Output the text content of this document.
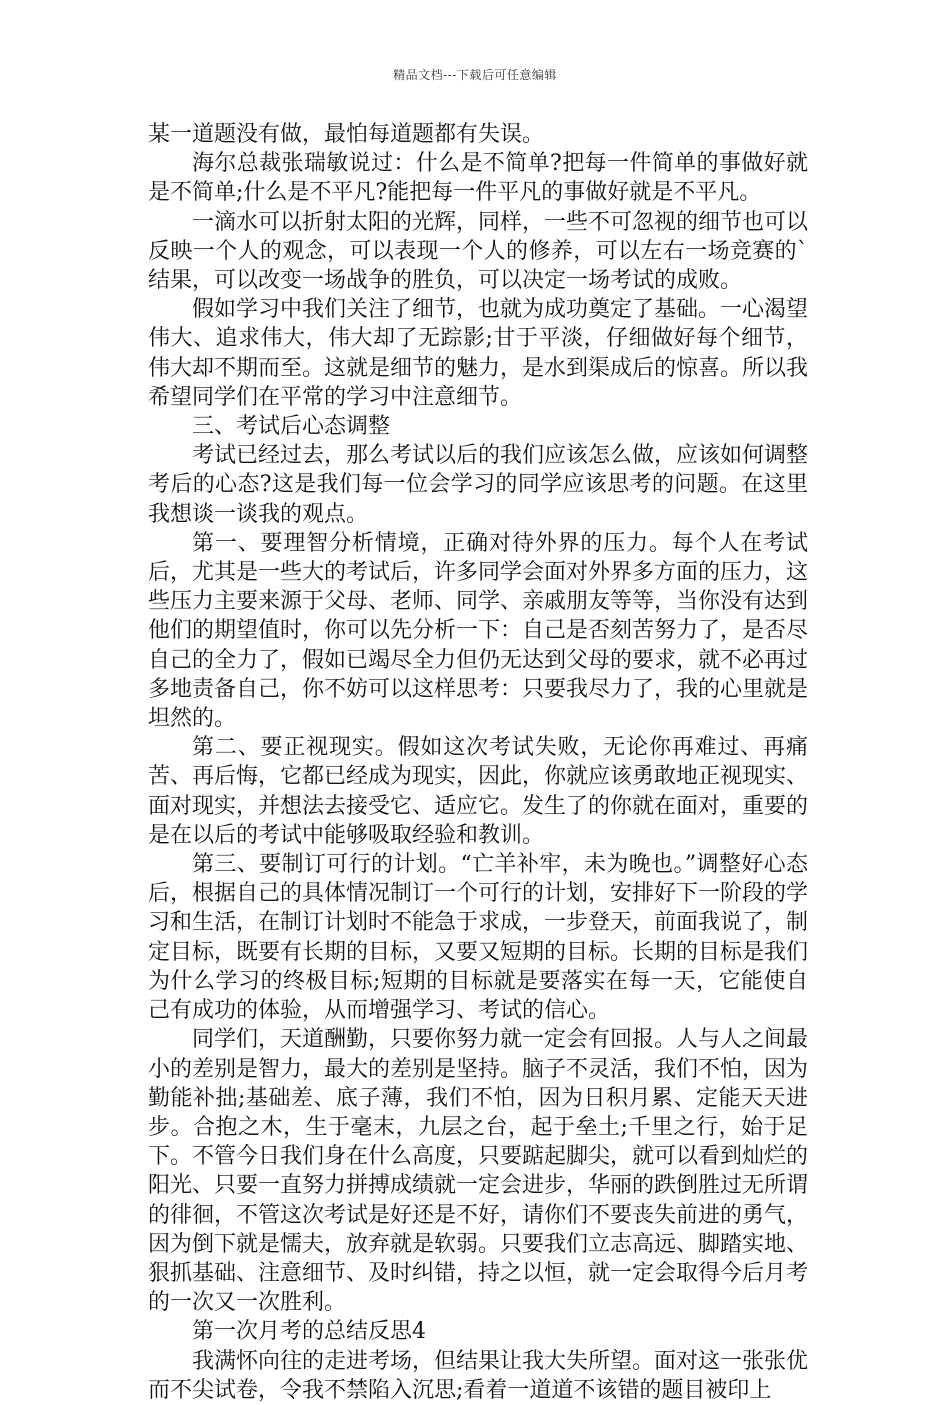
精品文档---下载后可任意编辑

某一道题没有做，最怕每道题都有失误。

海尔总裁张瑞敏说过：什么是不简单?把每一件简单的事做好就是不简单;什么是不平凡?能把每一件平凡的事做好就是不平凡。

一滴水可以折射太阳的光辉，同样，一些不可忽视的细节也可以反映一个人的观念，可以表现一个人的修养，可以左右一场竞赛的`结果，可以改变一场战争的胜负，可以决定一场考试的成败。

假如学习中我们关注了细节，也就为成功奠定了基础。一心渴望伟大、追求伟大，伟大却了无踪影;甘于平淡，仔细做好每个细节，伟大却不期而至。这就是细节的魅力，是水到渠成后的惊喜。所以我希望同学们在平常的学习中注意细节。

三、考试后心态调整

考试已经过去，那么考试以后的我们应该怎么做，应该如何调整考后的心态?这是我们每一位会学习的同学应该思考的问题。在这里我想谈一谈我的观点。

第一、要理智分析情境，正确对待外界的压力。每个人在考试后，尤其是一些大的考试后，许多同学会面对外界多方面的压力，这些压力主要来源于父母、老师、同学、亲戚朋友等等，当你没有达到他们的期望值时，你可以先分析一下：自己是否刻苦努力了，是否尽自己的全力了，假如已竭尽全力但仍无达到父母的要求，就不必再过多地责备自己，你不妨可以这样思考：只要我尽力了，我的心里就是坦然的。

第二、要正视现实。假如这次考试失败，无论你再难过、再痛苦、再后悔，它都已经成为现实，因此，你就应该勇敢地正视现实、面对现实，并想法去接受它、适应它。发生了的你就在面对，重要的是在以后的考试中能够吸取经验和教训。

第三、要制订可行的计划。“亡羊补牢，未为晚也。”调整好心态后，根据自己的具体情况制订一个可行的计划，安排好下一阶段的学习和生活，在制订计划时不能急于求成，一步登天，前面我说了，制定目标，既要有长期的目标，又要又短期的目标。长期的目标是我们为什么学习的终极目标;短期的目标就是要落实在每一天，它能使自己有成功的体验，从而增强学习、考试的信心。

同学们，天道酬勤，只要你努力就一定会有回报。人与人之间最小的差别是智力，最大的差别是坚持。脑子不灵活，我们不怕，因为勤能补拙;基础差、底子薄，我们不怕，因为日积月累、定能天天进步。合抱之木，生于毫末，九层之台，起于垒土;千里之行，始于足下。不管今日我们身在什么高度，只要踮起脚尖，就可以看到灿烂的阳光、只要一直努力拼搏成绩就一定会进步，华丽的跌倒胜过无所谓的徘徊，不管这次考试是好还是不好，请你们不要丧失前进的勇气，因为倒下就是懦夫，放弃就是软弱。只要我们立志高远、脚踏实地、狠抓基础、注意细节、及时纠错，持之以恒，就一定会取得今后月考的一次又一次胜利。

第一次月考的总结反思4

我满怀向往的走进考场，但结果让我大失所望。面对这一张张优而不尖试卷，令我不禁陷入沉思;看着一道道不该错的题目被印上
